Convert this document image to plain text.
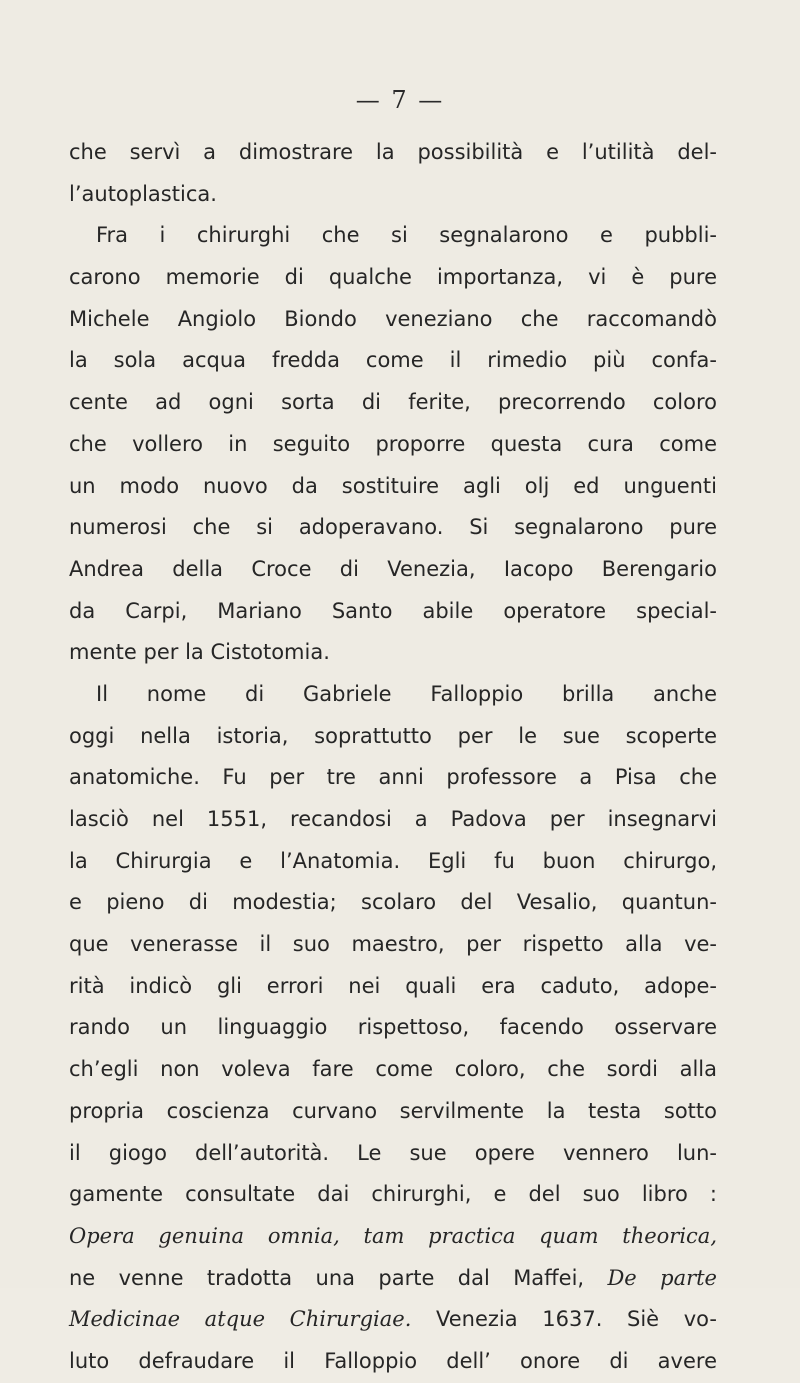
— 7 —
che servì a dimostrare la possibilità e l’utilità del-
l’autoplastica.
Fra i chirurghi che si segnalarono e pubbli-
carono memorie di qualche importanza, vi è pure
Michele Angiolo Biondo veneziano che raccomandò
la sola acqua fredda come il rimedio più confa-
cente ad ogni sorta di ferite, precorrendo coloro
che vollero in seguito proporre questa cura come
un modo nuovo da sostituire agli olj ed unguenti
numerosi che si adoperavano. Si segnalarono pure
Andrea della Croce di Venezia, Iacopo Berengario
da Carpi, Mariano Santo abile operatore special-
mente per la Cistotomia.
Il nome di Gabriele Falloppio brilla anche
oggi nella istoria, soprattutto per le sue scoperte
anatomiche. Fu per tre anni professore a Pisa che
lasciò nel 1551, recandosi a Padova per insegnarvi
la Chirurgia e l’Anatomia. Egli fu buon chirurgo,
e pieno di modestia; scolaro del Vesalio, quantun-
que venerasse il suo maestro, per rispetto alla ve-
rità indicò gli errori nei quali era caduto, adope-
rando un linguaggio rispettoso, facendo osservare
ch’egli non voleva fare come coloro, che sordi alla
propria coscienza curvano servilmente la testa sotto
il giogo dell’autorità. Le sue opere vennero lun-
gamente consultate dai chirurghi, e del suo libro :
Opera genuina omnia, tam practica quam theorica,
ne venne tradotta una parte dal Maffei, De parte
Medicinae atque Chirurgiae. Venezia 1637. Siè vo-
luto defraudare il Falloppio dell’ onore di avere
